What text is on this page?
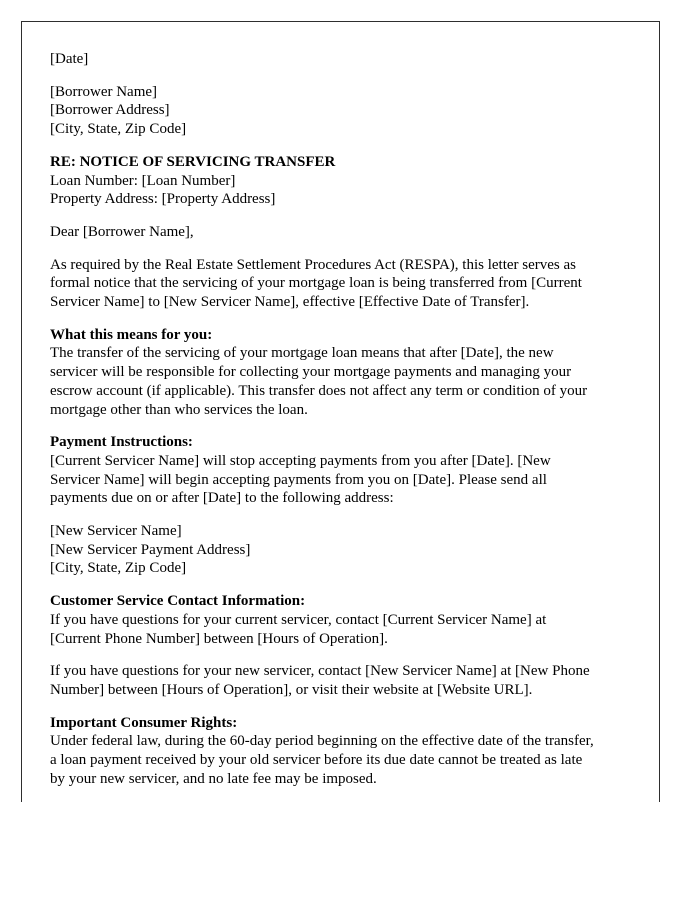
[Date]
[Borrower Name]
[Borrower Address]
[City, State, Zip Code]
RE: NOTICE OF SERVICING TRANSFER
Loan Number: [Loan Number]
Property Address: [Property Address]
Dear [Borrower Name],
As required by the Real Estate Settlement Procedures Act (RESPA), this letter serves as
formal notice that the servicing of your mortgage loan is being transferred from [Current
Servicer Name] to [New Servicer Name], effective [Effective Date of Transfer].
What this means for you:
The transfer of the servicing of your mortgage loan means that after [Date], the new
servicer will be responsible for collecting your mortgage payments and managing your
escrow account (if applicable). This transfer does not affect any term or condition of your
mortgage other than who services the loan.
Payment Instructions:
[Current Servicer Name] will stop accepting payments from you after [Date]. [New
Servicer Name] will begin accepting payments from you on [Date]. Please send all
payments due on or after [Date] to the following address:
[New Servicer Name]
[New Servicer Payment Address]
[City, State, Zip Code]
Customer Service Contact Information:
If you have questions for your current servicer, contact [Current Servicer Name] at
[Current Phone Number] between [Hours of Operation].
If you have questions for your new servicer, contact [New Servicer Name] at [New Phone
Number] between [Hours of Operation], or visit their website at [Website URL].
Important Consumer Rights:
Under federal law, during the 60-day period beginning on the effective date of the transfer,
a loan payment received by your old servicer before its due date cannot be treated as late
by your new servicer, and no late fee may be imposed.
